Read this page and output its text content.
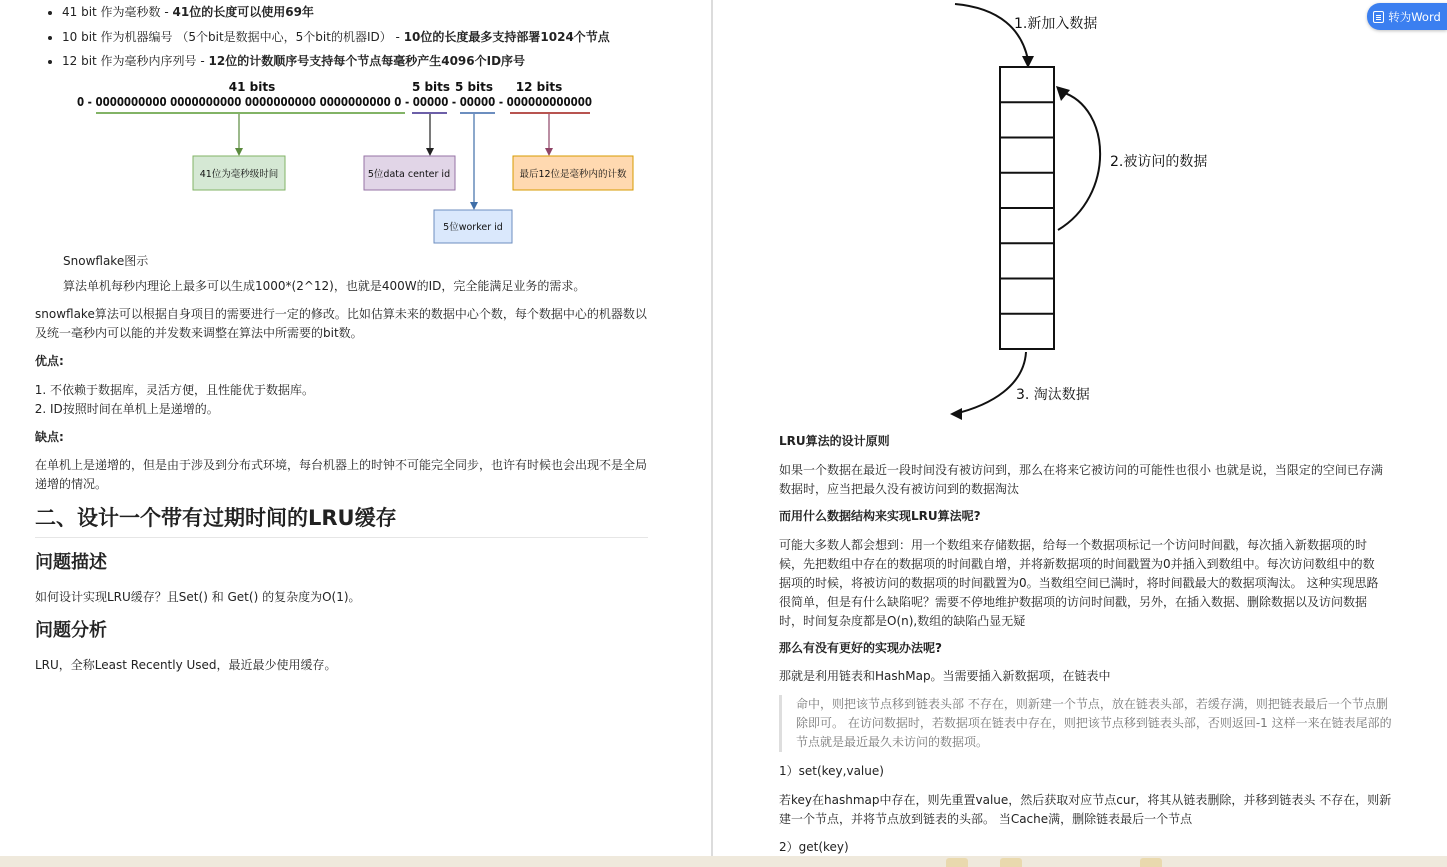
• 41 bit 作为毫秒数 - 41位的长度可以使用69年
• 10 bit 作为机器编号 （5个bit是数据中心，5个bit的机器ID） - 10位的长度最多支持部署1024个节点
• 12 bit 作为毫秒内序列号 - 12位的计数顺序号支持每个节点每毫秒产生4096个ID序号
41 bits	5 bits 5 bits 12 bits
0 - 0000000000 0000000000 0000000000 0000000000 0 - 00000 - 00000 - 000000000000
41位为毫秒级时间	5位data center id	最后12位是毫秒内的计数
5位worker id

Snowflake图示

算法单机每秒内理论上最多可以生成1000*(2^12)，也就是400W的ID，完全能满足业务的需求。

snowflake算法可以根据自身项目的需要进行一定的修改。比如估算未来的数据中心个数，每个数据中心的机器数以及统一毫秒内可以能的并发数来调整在算法中所需要的bit数。

优点:

1. 不依赖于数据库，灵活方便，且性能优于数据库。
2. ID按照时间在单机上是递增的。

缺点:

在单机上是递增的，但是由于涉及到分布式环境，每台机器上的时钟不可能完全同步，也许有时候也会出现不是全局递增的情况。

二、设计一个带有过期时间的LRU缓存
问题描述

如何设计实现LRU缓存？且Set() 和 Get() 的复杂度为O(1)。

问题分析

LRU，全称Least Recently Used，最近最少使用缓存。

1.新加入数据
2.被访问的数据
3. 淘汰数据

LRU算法的设计原则

如果一个数据在最近一段时间没有被访问到，那么在将来它被访问的可能性也很小 也就是说，当限定的空间已存满数据时，应当把最久没有被访问到的数据淘汰

而用什么数据结构来实现LRU算法呢?

可能大多数人都会想到：用一个数组来存储数据，给每一个数据项标记一个访问时间戳，每次插入新数据项的时候，先把数组中存在的数据项的时间戳自增，并将新数据项的时间戳置为0并插入到数组中。每次访问数组中的数据项的时候，将被访问的数据项的时间戳置为0。当数组空间已满时，将时间戳最大的数据项淘汰。 这种实现思路很简单，但是有什么缺陷呢？需要不停地维护数据项的访问时间戳，另外，在插入数据、删除数据以及访问数据时，时间复杂度都是O(n),数组的缺陷凸显无疑

那么有没有更好的实现办法呢?

那就是利用链表和HashMap。当需要插入新数据项，在链表中

命中，则把该节点移到链表头部 不存在，则新建一个节点，放在链表头部，若缓存满，则把链表最后一个节点删除即可。 在访问数据时，若数据项在链表中存在，则把该节点移到链表头部，否则返回-1 这样一来在链表尾部的节点就是最近最久未访问的数据项。

1）set(key,value)

若key在hashmap中存在，则先重置value，然后获取对应节点cur，将其从链表删除，并移到链表头 不存在，则新建一个节点，并将节点放到链表的头部。 当Cache满，删除链表最后一个节点

2）get(key)

转为Word
